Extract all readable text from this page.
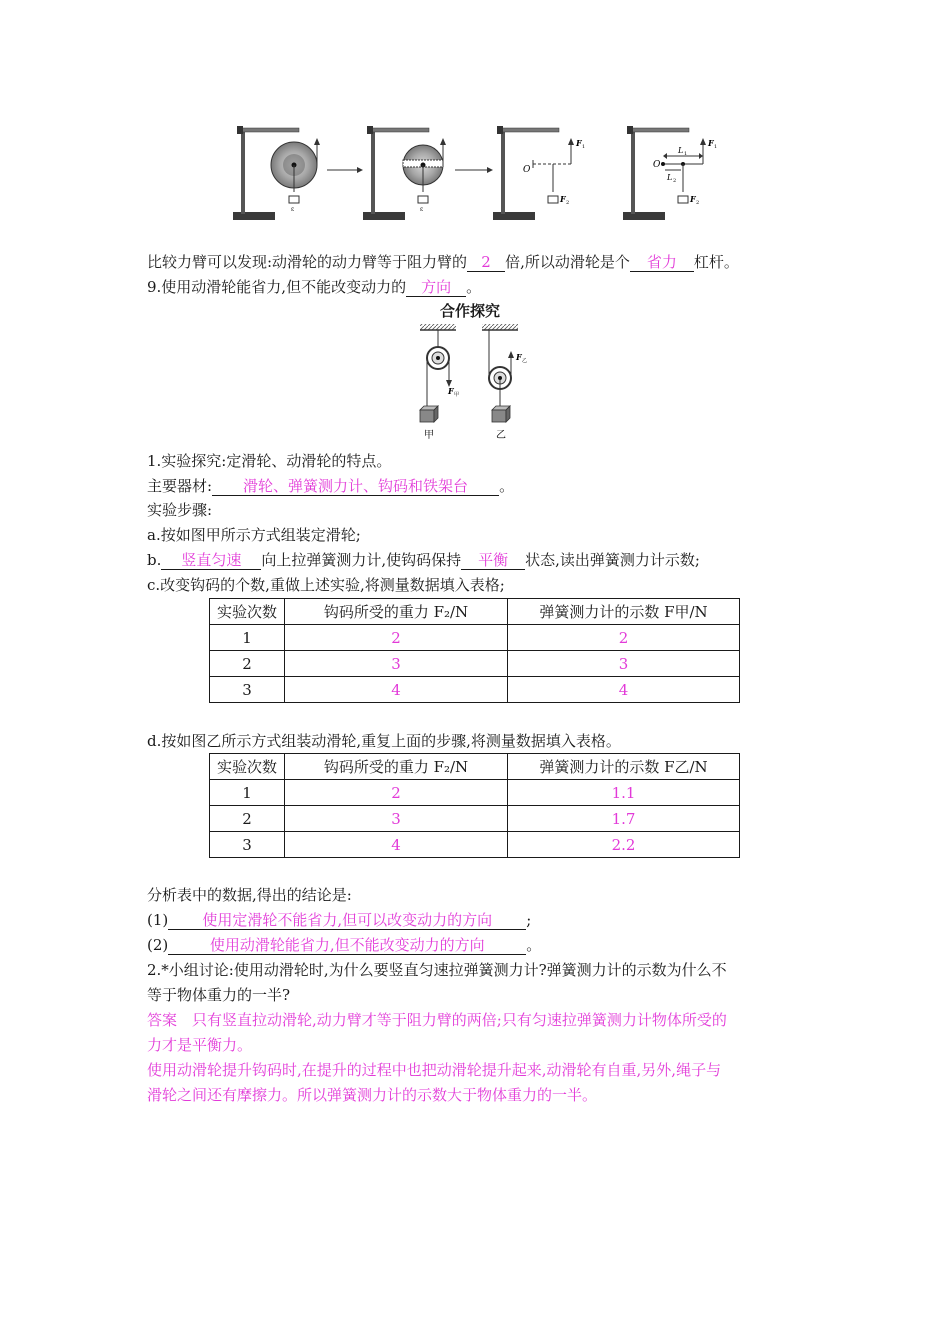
ε	ε
O
F 1
F 2
O
L 1
L 2
F 1
F 2
比较力臂可以发现:动滑轮的动力臂等于阻力臂的 2 倍,所以动滑轮是个 省力 杠杆。
9.使用动滑轮能省力,但不能改变动力的 方向 。
合作探究
F 甲
甲
F 乙
乙
1.实验探究:定滑轮、动滑轮的特点。
主要器材: 滑轮、弹簧测力计、钩码和铁架台 。
实验步骤:
a.按如图甲所示方式组装定滑轮;
b. 竖直匀速 向上拉弹簧测力计,使钩码保持 平衡 状态,读出弹簧测力计示数;
c.改变钩码的个数,重做上述实验,将测量数据填入表格;
实验次数	钩码所受的重力 F₂/N	弹簧测力计的示数 F甲/N
1	2	2
2	3	3
3	4	4
d.按如图乙所示方式组装动滑轮,重复上面的步骤,将测量数据填入表格。
实验次数	钩码所受的重力 F₂/N	弹簧测力计的示数 F乙/N
1	2	1.1
2	3	1.7
3	4	2.2
分析表中的数据,得出的结论是:
(1) 使用定滑轮不能省力,但可以改变动力的方向 ;
(2)	使用动滑轮能省力,但不能改变动力的方向	。
2.*小组讨论:使用动滑轮时,为什么要竖直匀速拉弹簧测力计?弹簧测力计的示数为什么不
等于物体重力的一半?
答案　只有竖直拉动滑轮,动力臂才等于阻力臂的两倍;只有匀速拉弹簧测力计物体所受的
力才是平衡力。
使用动滑轮提升钩码时,在提升的过程中也把动滑轮提升起来,动滑轮有自重,另外,绳子与
滑轮之间还有摩擦力。所以弹簧测力计的示数大于物体重力的一半。
